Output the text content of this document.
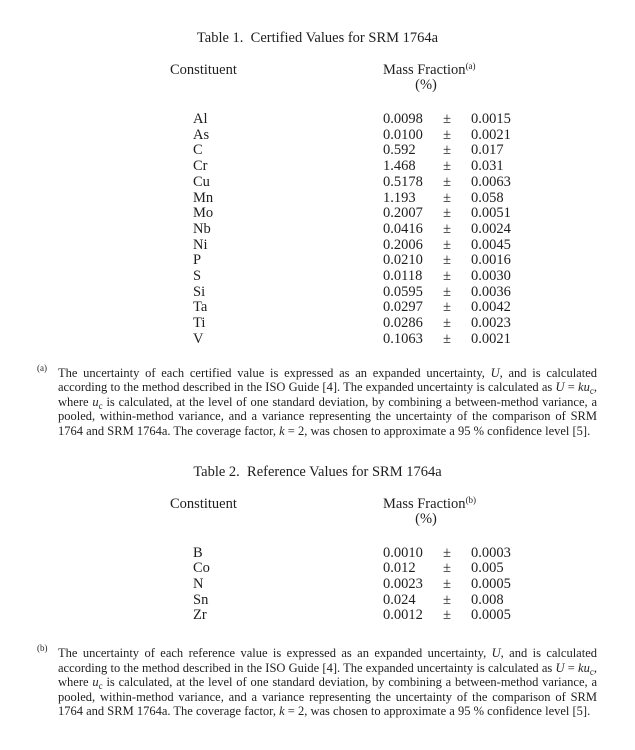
Table 1.  Certified Values for SRM 1764a
Constituent	Mass Fraction$^{(a)}$
(%)
Al	0.0098	±	0.0015
As	0.0100	±	0.0021
C	0.592	±	0.017
Cr	1.468	±	0.031
Cu	0.5178	±	0.0063
Mn	1.193	±	0.058
Mo	0.2007	±	0.0051
Nb	0.0416	±	0.0024
Ni	0.2006	±	0.0045
P	0.0210	±	0.0016
S	0.0118	±	0.0030
Si	0.0595	±	0.0036
Ta	0.0297	±	0.0042
Ti	0.0286	±	0.0023
V	0.1063	±	0.0021

(a) The uncertainty of each certified value is expressed as an expanded uncertainty, U, and is calculated according to the method described in the ISO Guide [4]. The expanded uncertainty is calculated as $U = ku_c$, where $u_c$ is calculated, at the level of one standard deviation, by combining a between-method variance, a pooled, within-method variance, and a variance representing the uncertainty of the comparison of SRM 1764 and SRM 1764a. The coverage factor, k = 2, was chosen to approximate a 95 % confidence level [5].

Table 2.  Reference Values for SRM 1764a
Constituent	Mass Fraction$^{(b)}$
(%)
B	0.0010	±	0.0003
Co	0.012	±	0.005
N	0.0023	±	0.0005
Sn	0.024	±	0.008
Zr	0.0012	±	0.0005

(b) The uncertainty of each reference value is expressed as an expanded uncertainty, U, and is calculated according to the method described in the ISO Guide [4]. The expanded uncertainty is calculated as $U = ku_c$, where $u_c$ is calculated, at the level of one standard deviation, by combining a between-method variance, a pooled, within-method variance, and a variance representing the uncertainty of the comparison of SRM 1764 and SRM 1764a. The coverage factor, k = 2, was chosen to approximate a 95 % confidence level [5].
